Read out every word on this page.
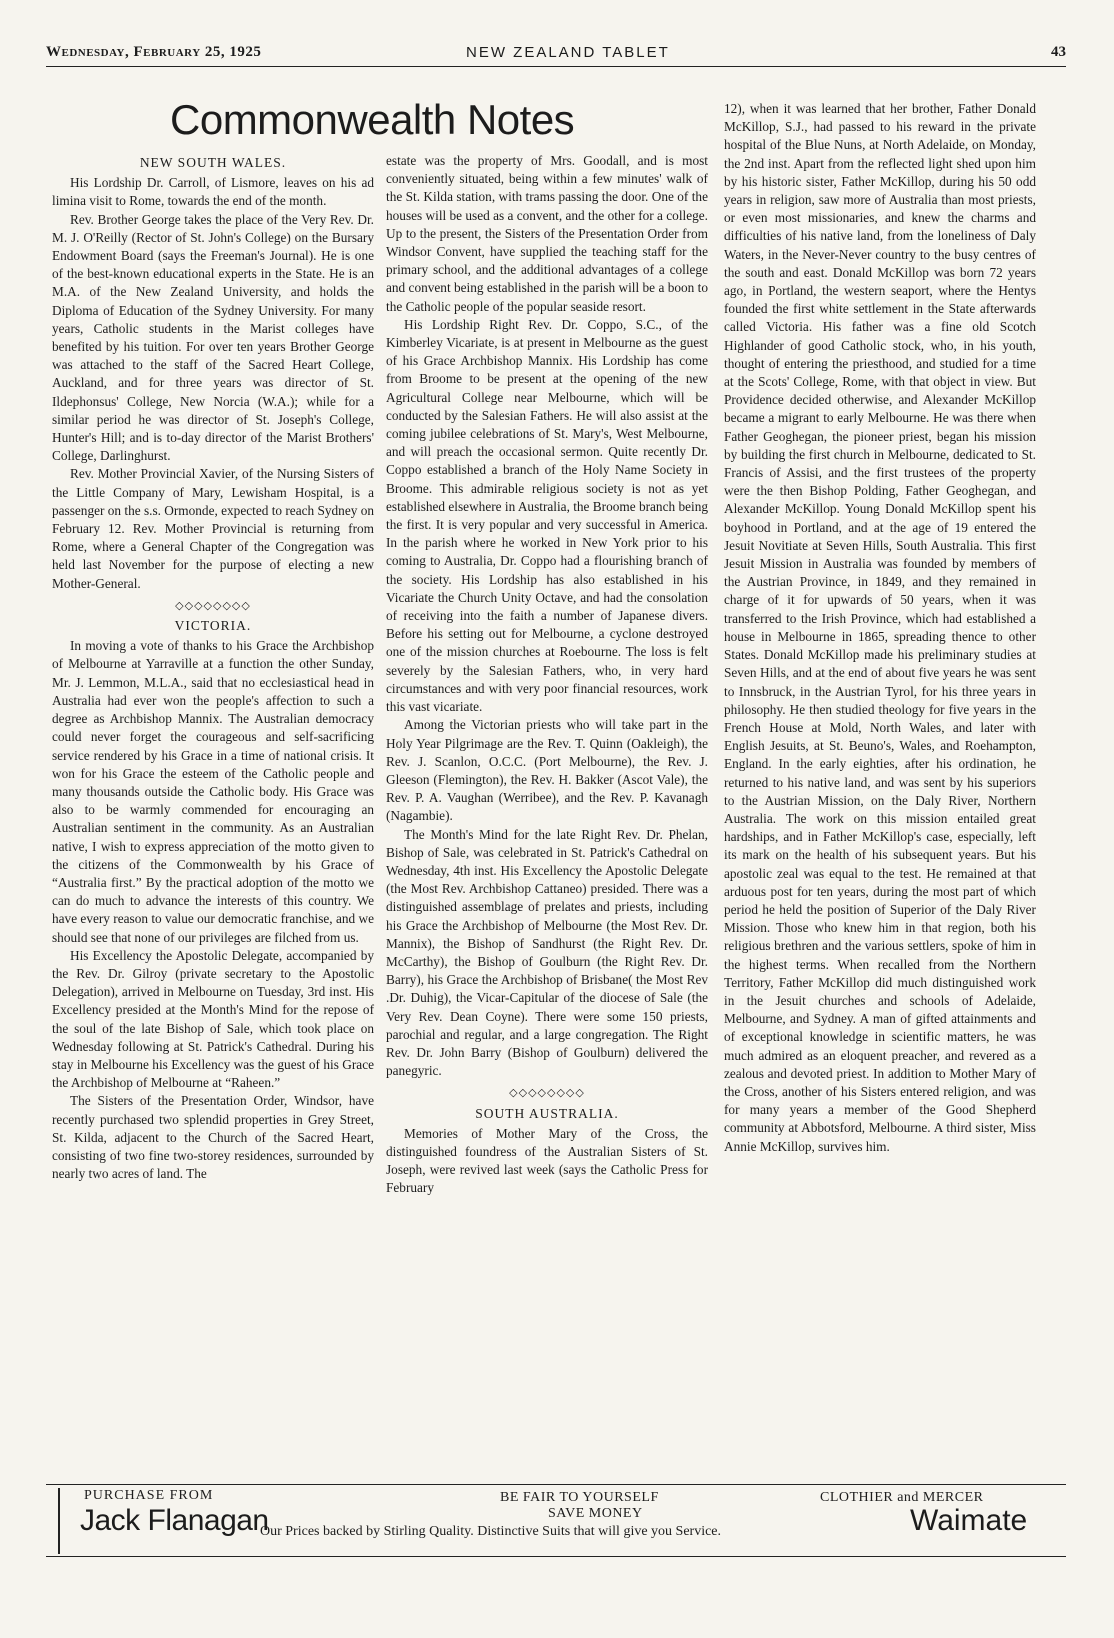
Wednesday, February 25, 1925	NEW ZEALAND TABLET	43
Commonwealth Notes
NEW SOUTH WALES.

His Lordship Dr. Carroll, of Lismore, leaves on his ad limina visit to Rome, towards the end of the month.

Rev. Brother George takes the place of the Very Rev. Dr. M. J. O'Reilly (Rector of St. John's College) on the Bursary Endowment Board (says the Freeman's Journal). He is one of the best-known educational experts in the State. He is an M.A. of the New Zealand University, and holds the Diploma of Education of the Sydney University. For many years, Catholic students in the Marist colleges have benefited by his tuition. For over ten years Brother George was attached to the staff of the Sacred Heart College, Auckland, and for three years was director of St. Ildephonsus' College, New Norcia (W.A.); while for a similar period he was director of St. Joseph's College, Hunter's Hill; and is to-day director of the Marist Brothers' College, Darlinghurst.

Rev. Mother Provincial Xavier, of the Nursing Sisters of the Little Company of Mary, Lewisham Hospital, is a passenger on the s.s. Ormonde, expected to reach Sydney on February 12. Rev. Mother Provincial is returning from Rome, where a General Chapter of the Congregation was held last November for the purpose of electing a new Mother-General.

◇◇◇◇◇◇◇◇
VICTORIA.

In moving a vote of thanks to his Grace the Archbishop of Melbourne at Yarraville at a function the other Sunday, Mr. J. Lemmon, M.L.A., said that no ecclesiastical head in Australia had ever won the people's affection to such a degree as Archbishop Mannix. The Australian democracy could never forget the courageous and self-sacrificing service rendered by his Grace in a time of national crisis. It won for his Grace the esteem of the Catholic people and many thousands outside the Catholic body. His Grace was also to be warmly commended for encouraging an Australian sentiment in the community. As an Australian native, I wish to express appreciation of the motto given to the citizens of the Commonwealth by his Grace of “Australia first.” By the practical adoption of the motto we can do much to advance the interests of this country. We have every reason to value our democratic franchise, and we should see that none of our privileges are filched from us.

His Excellency the Apostolic Delegate, accompanied by the Rev. Dr. Gilroy (private secretary to the Apostolic Delegation), arrived in Melbourne on Tuesday, 3rd inst. His Excellency presided at the Month's Mind for the repose of the soul of the late Bishop of Sale, which took place on Wednesday following at St. Patrick's Cathedral. During his stay in Melbourne his Excellency was the guest of his Grace the Archbishop of Melbourne at “Raheen.”

The Sisters of the Presentation Order, Windsor, have recently purchased two splendid properties in Grey Street, St. Kilda, adjacent to the Church of the Sacred Heart, consisting of two fine two-storey residences, surrounded by nearly two acres of land. The

estate was the property of Mrs. Goodall, and is most conveniently situated, being within a few minutes' walk of the St. Kilda station, with trams passing the door. One of the houses will be used as a convent, and the other for a college. Up to the present, the Sisters of the Presentation Order from Windsor Convent, have supplied the teaching staff for the primary school, and the additional advantages of a college and convent being established in the parish will be a boon to the Catholic people of the popular seaside resort.

His Lordship Right Rev. Dr. Coppo, S.C., of the Kimberley Vicariate, is at present in Melbourne as the guest of his Grace Archbishop Mannix. His Lordship has come from Broome to be present at the opening of the new Agricultural College near Melbourne, which will be conducted by the Salesian Fathers. He will also assist at the coming jubilee celebrations of St. Mary's, West Melbourne, and will preach the occasional sermon. Quite recently Dr. Coppo established a branch of the Holy Name Society in Broome. This admirable religious society is not as yet established elsewhere in Australia, the Broome branch being the first. It is very popular and very successful in America. In the parish where he worked in New York prior to his coming to Australia, Dr. Coppo had a flourishing branch of the society. His Lordship has also established in his Vicariate the Church Unity Octave, and had the consolation of receiving into the faith a number of Japanese divers. Before his setting out for Melbourne, a cyclone destroyed one of the mission churches at Roebourne. The loss is felt severely by the Salesian Fathers, who, in very hard circumstances and with very poor financial resources, work this vast vicariate.

Among the Victorian priests who will take part in the Holy Year Pilgrimage are the Rev. T. Quinn (Oakleigh), the Rev. J. Scanlon, O.C.C. (Port Melbourne), the Rev. J. Gleeson (Flemington), the Rev. H. Bakker (Ascot Vale), the Rev. P. A. Vaughan (Werribee), and the Rev. P. Kavanagh (Nagambie).

The Month's Mind for the late Right Rev. Dr. Phelan, Bishop of Sale, was celebrated in St. Patrick's Cathedral on Wednesday, 4th inst. His Excellency the Apostolic Delegate (the Most Rev. Archbishop Cattaneo) presided. There was a distinguished assemblage of prelates and priests, including his Grace the Archbishop of Melbourne (the Most Rev. Dr. Mannix), the Bishop of Sandhurst (the Right Rev. Dr. McCarthy), the Bishop of Goulburn (the Right Rev. Dr. Barry), his Grace the Archbishop of Brisbane( the Most Rev .Dr. Duhig), the Vicar-Capitular of the diocese of Sale (the Very Rev. Dean Coyne). There were some 150 priests, parochial and regular, and a large congregation. The Right Rev. Dr. John Barry (Bishop of Goulburn) delivered the panegyric.

◇◇◇◇◇◇◇◇
SOUTH AUSTRALIA.

Memories of Mother Mary of the Cross, the distinguished foundress of the Australian Sisters of St. Joseph, were revived last week (says the Catholic Press for February

12), when it was learned that her brother, Father Donald McKillop, S.J., had passed to his reward in the private hospital of the Blue Nuns, at North Adelaide, on Monday, the 2nd inst. Apart from the reflected light shed upon him by his historic sister, Father McKillop, during his 50 odd years in religion, saw more of Australia than most priests, or even most missionaries, and knew the charms and difficulties of his native land, from the loneliness of Daly Waters, in the Never-Never country to the busy centres of the south and east. Donald McKillop was born 72 years ago, in Portland, the western seaport, where the Hentys founded the first white settlement in the State afterwards called Victoria. His father was a fine old Scotch Highlander of good Catholic stock, who, in his youth, thought of entering the priesthood, and studied for a time at the Scots' College, Rome, with that object in view. But Providence decided otherwise, and Alexander McKillop became a migrant to early Melbourne. He was there when Father Geoghegan, the pioneer priest, began his mission by building the first church in Melbourne, dedicated to St. Francis of Assisi, and the first trustees of the property were the then Bishop Polding, Father Geoghegan, and Alexander McKillop. Young Donald McKillop spent his boyhood in Portland, and at the age of 19 entered the Jesuit Novitiate at Seven Hills, South Australia. This first Jesuit Mission in Australia was founded by members of the Austrian Province, in 1849, and they remained in charge of it for upwards of 50 years, when it was transferred to the Irish Province, which had established a house in Melbourne in 1865, spreading thence to other States. Donald McKillop made his preliminary studies at Seven Hills, and at the end of about five years he was sent to Innsbruck, in the Austrian Tyrol, for his three years in philosophy. He then studied theology for five years in the French House at Mold, North Wales, and later with English Jesuits, at St. Beuno's, Wales, and Roehampton, England. In the early eighties, after his ordination, he returned to his native land, and was sent by his superiors to the Austrian Mission, on the Daly River, Northern Australia. The work on this mission entailed great hardships, and in Father McKillop's case, especially, left its mark on the health of his subsequent years. But his apostolic zeal was equal to the test. He remained at that arduous post for ten years, during the most part of which period he held the position of Superior of the Daly River Mission. Those who knew him in that region, both his religious brethren and the various settlers, spoke of him in the highest terms. When recalled from the Northern Territory, Father McKillop did much distinguished work in the Jesuit churches and schools of Adelaide, Melbourne, and Sydney. A man of gifted attainments and of exceptional knowledge in scientific matters, he was much admired as an eloquent preacher, and revered as a zealous and devoted priest. In addition to Mother Mary of the Cross, another of his Sisters entered religion, and was for many years a member of the Good Shepherd community at Abbotsford, Melbourne. A third sister, Miss Annie McKillop, survives him.

PURCHASE FROM
Jack Flanagan
Our Prices backed by Stirling Quality. Distinctive Suits that will give you Service.
BE FAIR TO YOURSELF
SAVE MONEY
CLOTHIER and MERCER
Waimate
